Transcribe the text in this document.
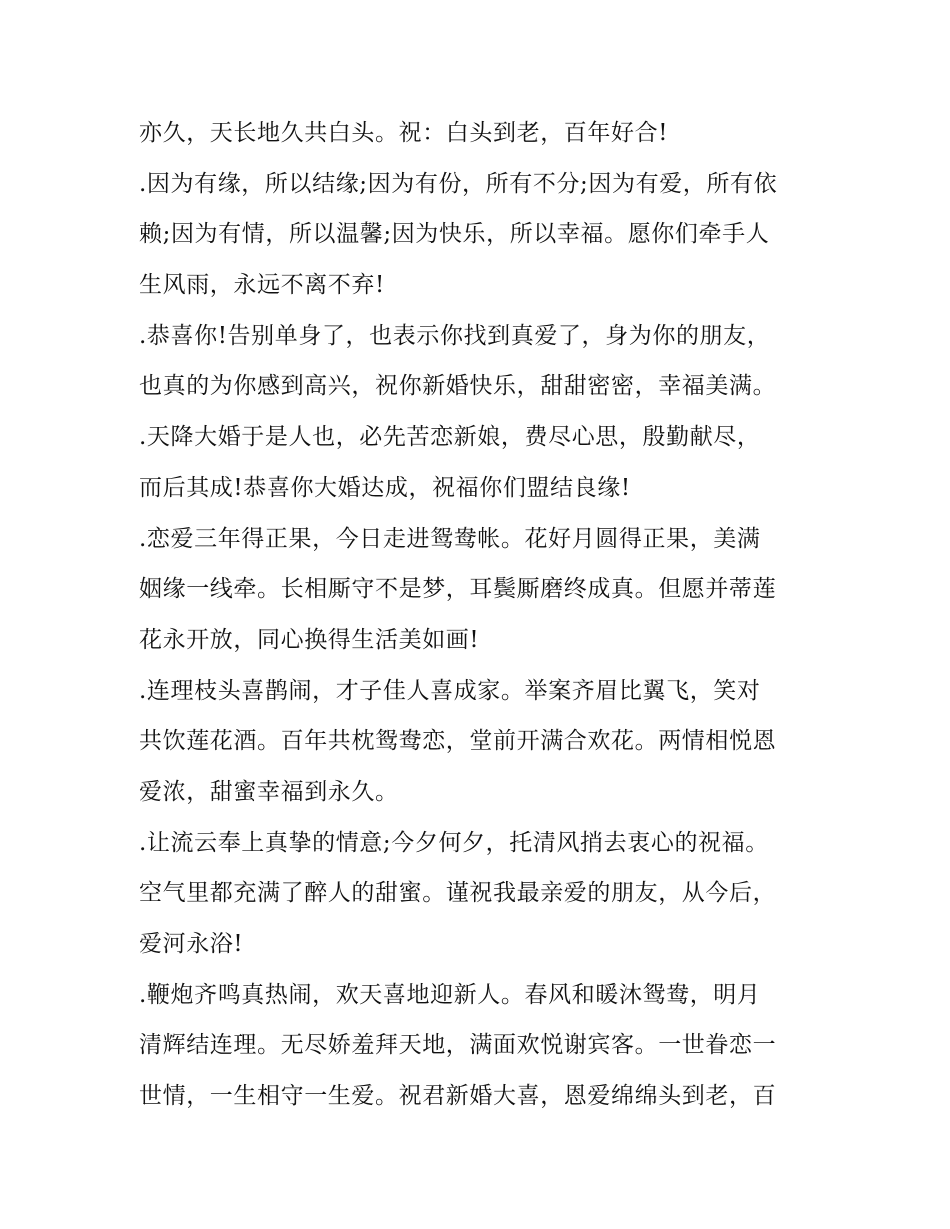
亦久，天长地久共白头。祝：白头到老，百年好合!
.因为有缘，所以结缘;因为有份，所有不分;因为有爱，所有依
赖;因为有情，所以温馨;因为快乐，所以幸福。愿你们牵手人
生风雨，永远不离不弃!
.恭喜你!告别单身了，也表示你找到真爱了，身为你的朋友，
也真的为你感到高兴，祝你新婚快乐，甜甜密密，幸福美满。
.天降大婚于是人也，必先苦恋新娘，费尽心思，殷勤献尽，
而后其成!恭喜你大婚达成，祝福你们盟结良缘!
.恋爱三年得正果，今日走进鸳鸯帐。花好月圆得正果，美满
姻缘一线牵。长相厮守不是梦，耳鬓厮磨终成真。但愿并蒂莲
花永开放，同心换得生活美如画!
.连理枝头喜鹊闹，才子佳人喜成家。举案齐眉比翼飞，笑对
共饮莲花酒。百年共枕鸳鸯恋，堂前开满合欢花。两情相悦恩
爱浓，甜蜜幸福到永久。
.让流云奉上真挚的情意;今夕何夕，托清风捎去衷心的祝福。
空气里都充满了醉人的甜蜜。谨祝我最亲爱的朋友，从今后，
爱河永浴!
.鞭炮齐鸣真热闹，欢天喜地迎新人。春风和暖沐鸳鸯，明月
清辉结连理。无尽娇羞拜天地，满面欢悦谢宾客。一世眷恋一
世情，一生相守一生爱。祝君新婚大喜，恩爱绵绵头到老，百
